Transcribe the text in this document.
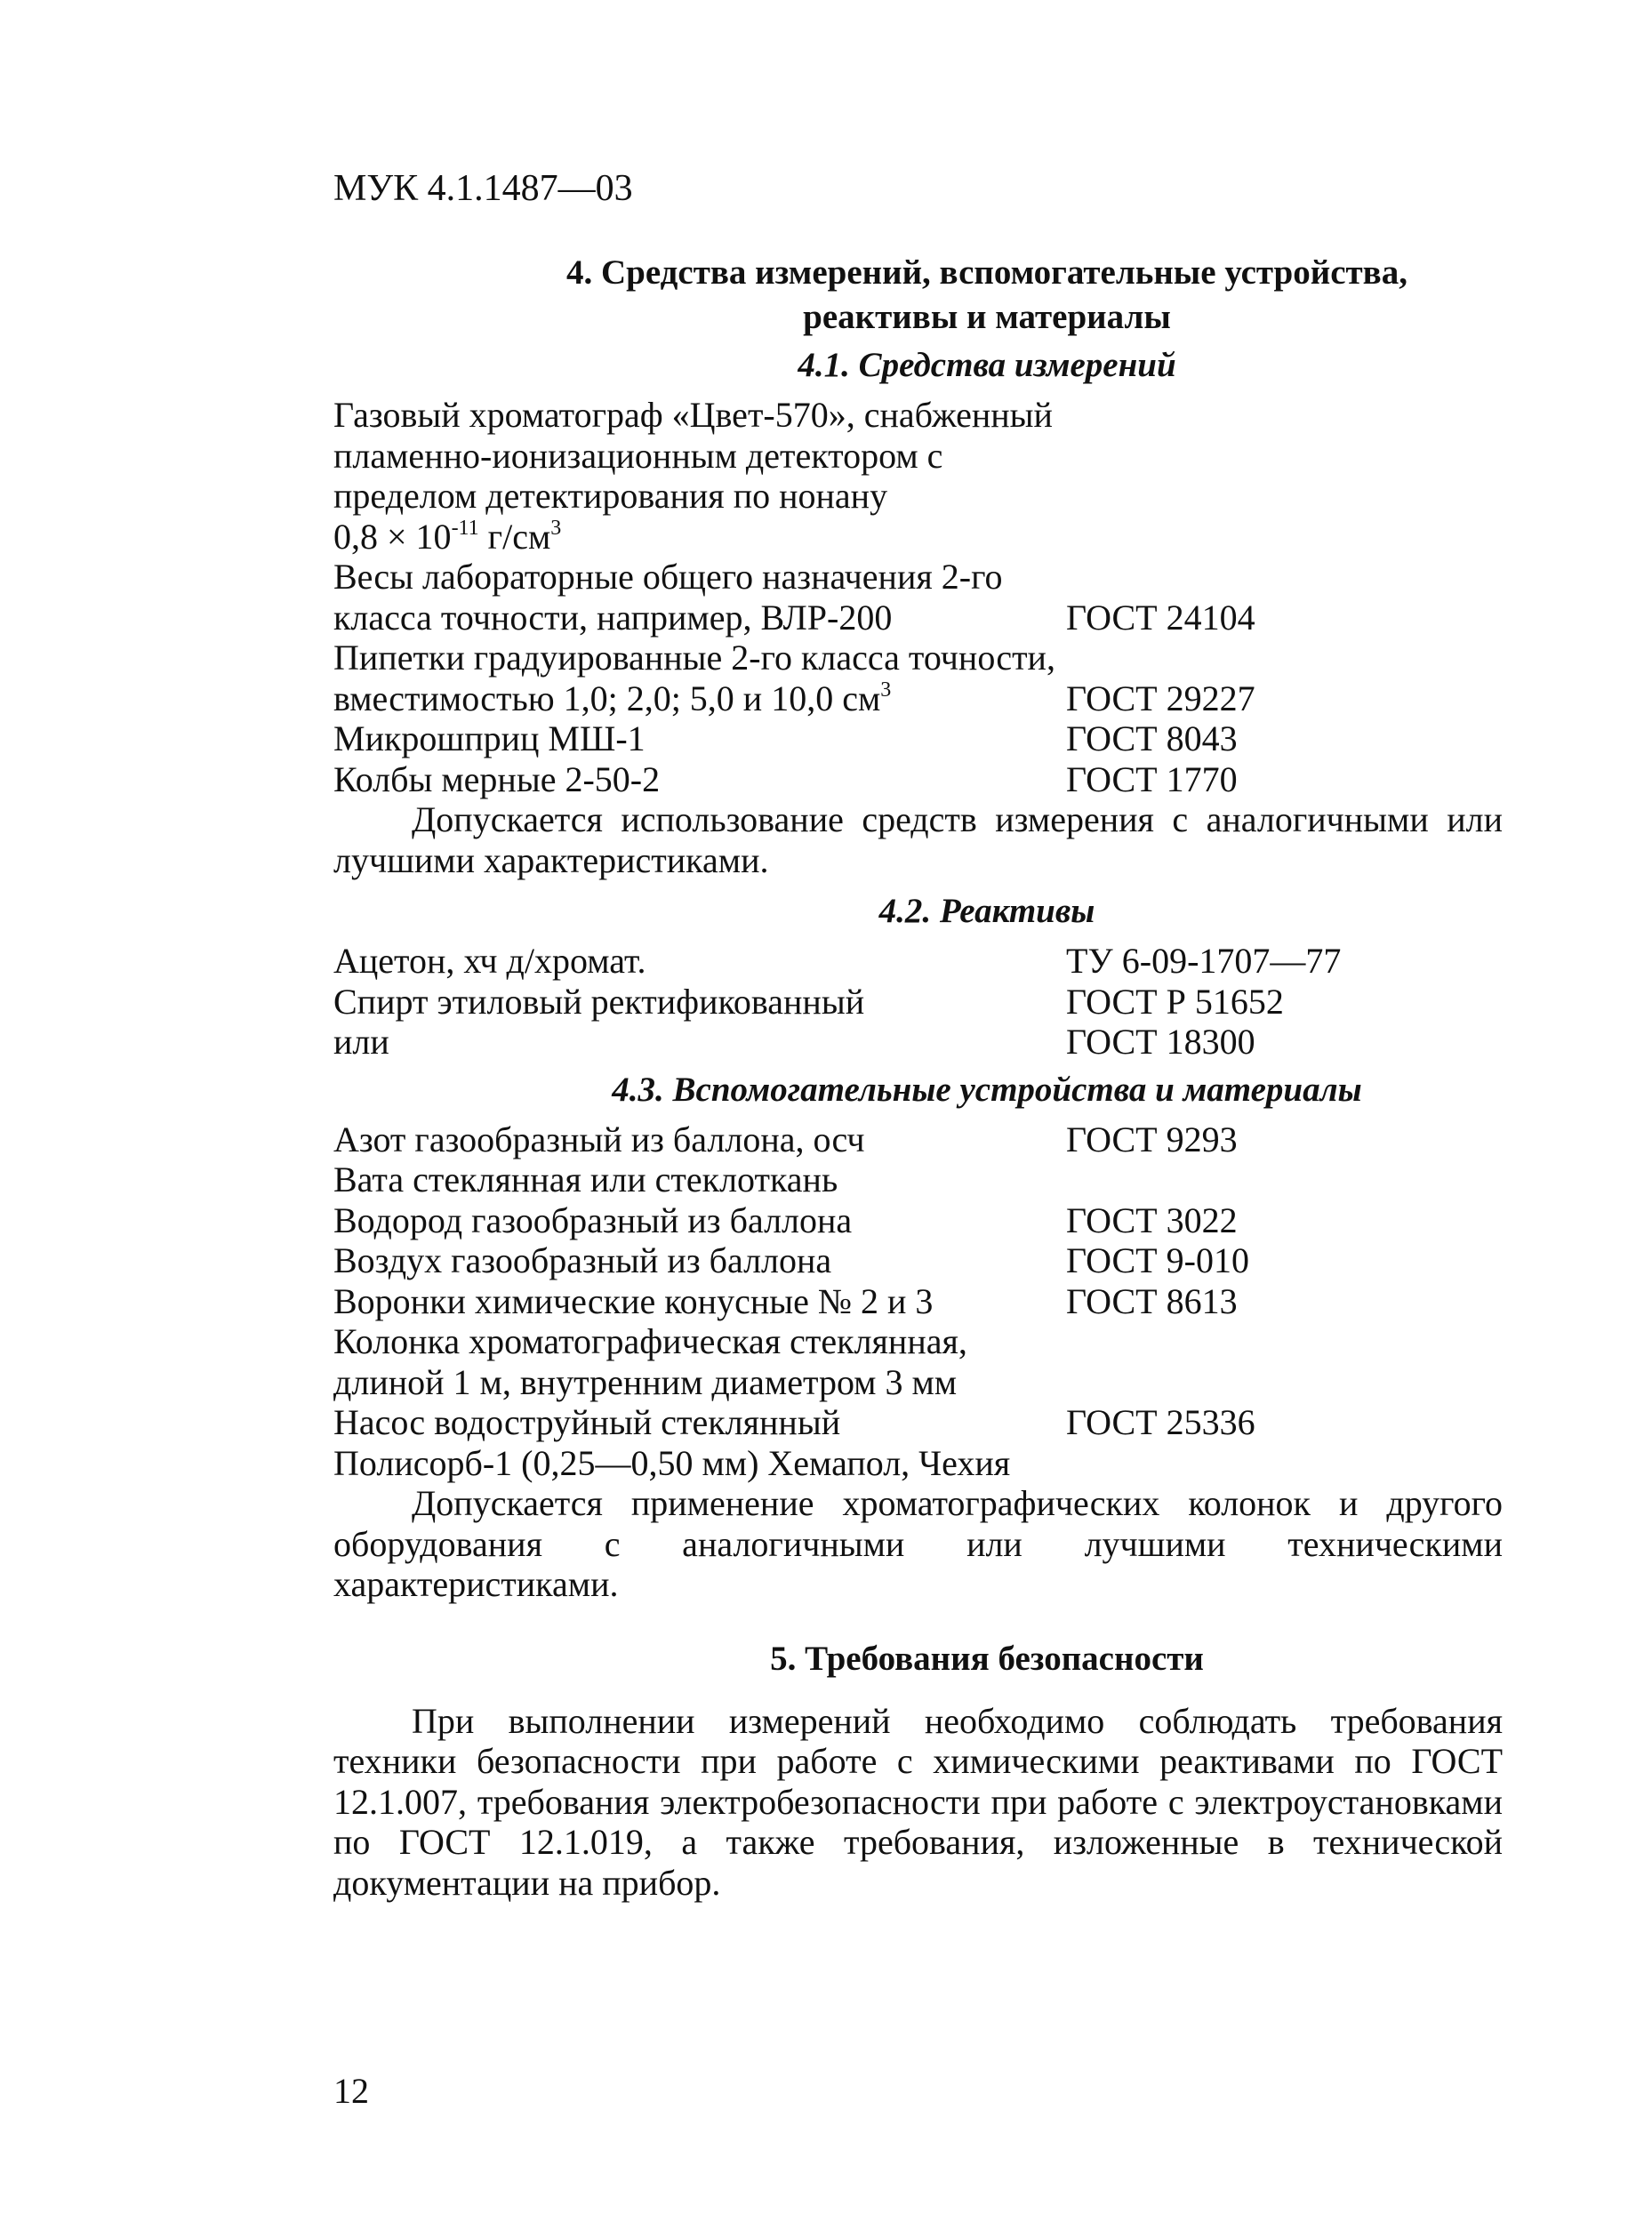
МУК 4.1.1487—03
4. Средства измерений, вспомогательные устройства,
реактивы и материалы
4.1. Средства измерений
Газовый хроматограф «Цвет-570», снабженный
пламенно-ионизационным детектором с
пределом детектирования по нонану
$0,8 \times 10^{-11}$ $г/см^3$
Весы лабораторные общего назначения 2-го
класса точности, например, ВЛР-200	ГОСТ 24104
Пипетки градуированные 2-го класса точности,
вместимостью 1,0; 2,0; 5,0 и 10,0 $см^3$	ГОСТ 29227
Микрошприц МШ-1	ГОСТ 8043
Колбы мерные 2-50-2	ГОСТ 1770
Допускается использование средств измерения с аналогичными или лучшими характеристиками.
4.2. Реактивы
Ацетон, хч д/хромат.	ТУ 6-09-1707—77
Спирт этиловый ректификованный	ГОСТ Р 51652
или	ГОСТ 18300
4.3. Вспомогательные устройства и материалы
Азот газообразный из баллона, осч	ГОСТ 9293
Вата стеклянная или стеклоткань
Водород газообразный из баллона	ГОСТ 3022
Воздух газообразный из баллона	ГОСТ 9-010
Воронки химические конусные № 2 и 3	ГОСТ 8613
Колонка хроматографическая стеклянная,
длиной 1 м, внутренним диаметром 3 мм
Насос водоструйный стеклянный	ГОСТ 25336
Полисорб-1 (0,25—0,50 мм) Хемапол, Чехия
Допускается применение хроматографических колонок и другого оборудования с аналогичными или лучшими техническими характеристиками.
5. Требования безопасности
При выполнении измерений необходимо соблюдать требования техники безопасности при работе с химическими реактивами по ГОСТ 12.1.007, требования электробезопасности при работе с электроустановками по ГОСТ 12.1.019, а также требования, изложенные в технической документации на прибор.
12
